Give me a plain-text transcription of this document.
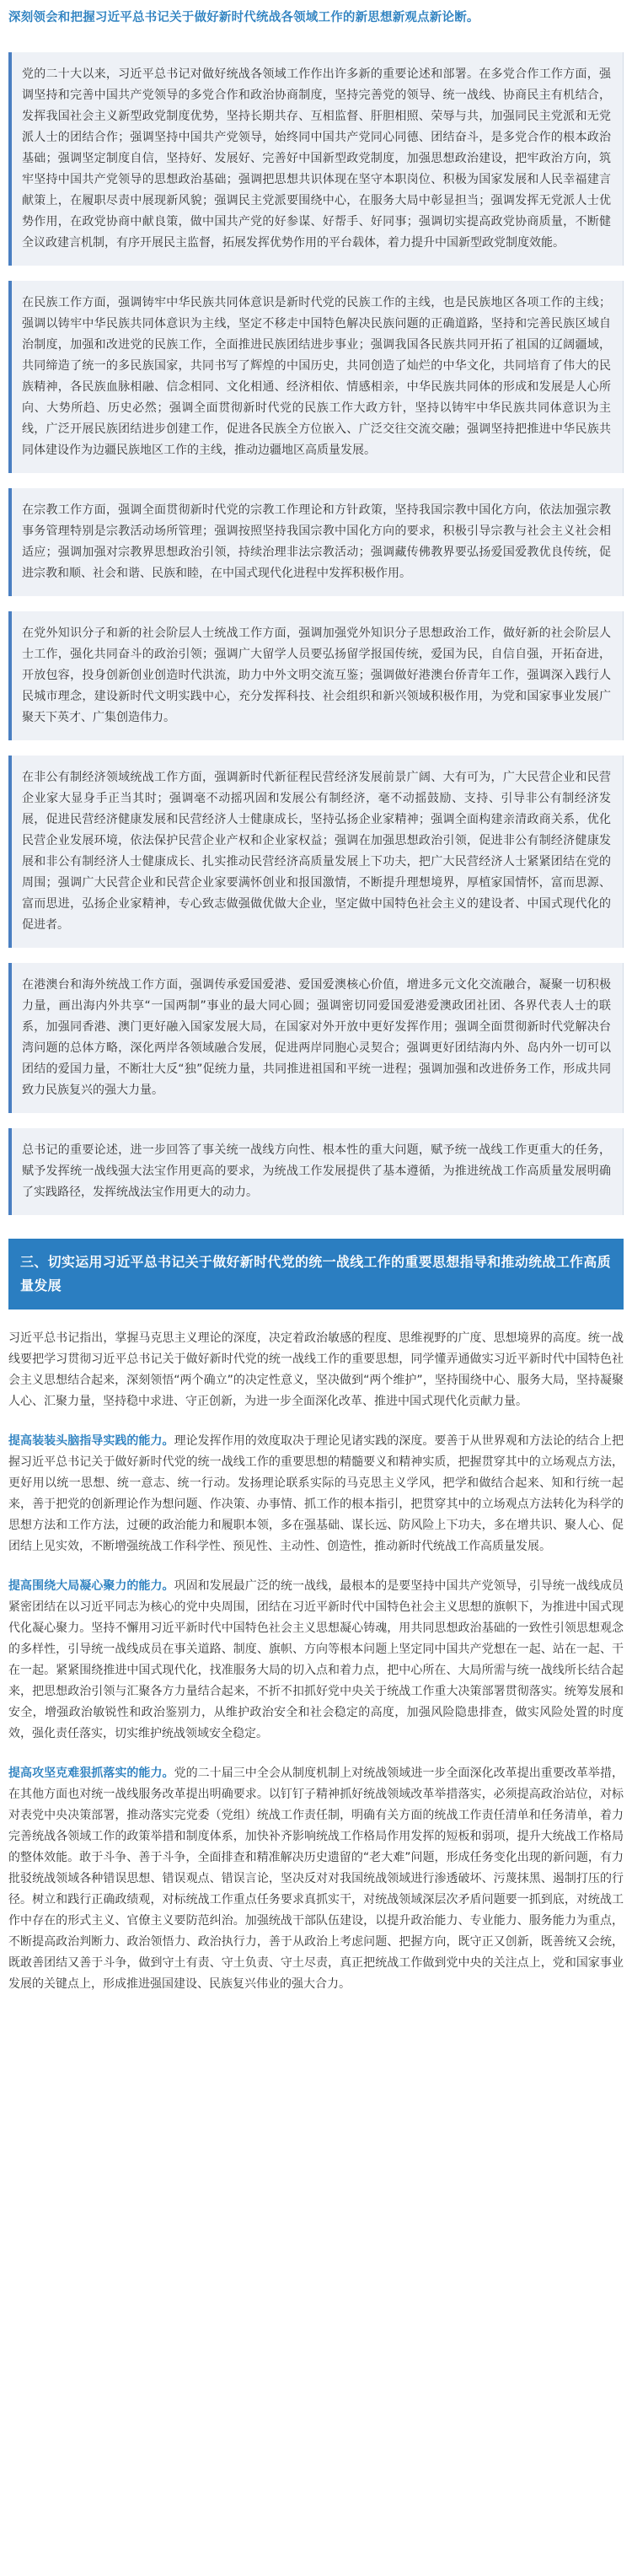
深刻领会和把握习近平总书记关于做好新时代统战各领域工作的新思想新观点新论断。

党的二十大以来，习近平总书记对做好统战各领域工作作出许多新的重要论述和部署。在多党合作工作方面，强调坚持和完善中国共产党领导的多党合作和政治协商制度，坚持完善党的领导、统一战线、协商民主有机结合，发挥我国社会主义新型政党制度优势，坚持长期共存、互相监督、肝胆相照、荣辱与共，加强同民主党派和无党派人士的团结合作；强调坚持中国共产党领导，始终同中国共产党同心同德、团结奋斗，是多党合作的根本政治基础；强调坚定制度自信，坚持好、发展好、完善好中国新型政党制度，加强思想政治建设，把牢政治方向，筑牢坚持中国共产党领导的思想政治基础；强调把思想共识体现在坚守本职岗位、积极为国家发展和人民幸福建言献策上，在履职尽责中展现新风貌；强调民主党派要围绕中心，在服务大局中彰显担当；强调发挥无党派人士优势作用，在政党协商中献良策，做中国共产党的好参谋、好帮手、好同事；强调切实提高政党协商质量，不断健全议政建言机制，有序开展民主监督，拓展发挥优势作用的平台载体，着力提升中国新型政党制度效能。

在民族工作方面，强调铸牢中华民族共同体意识是新时代党的民族工作的主线，也是民族地区各项工作的主线；强调以铸牢中华民族共同体意识为主线，坚定不移走中国特色解决民族问题的正确道路，坚持和完善民族区域自治制度，加强和改进党的民族工作，全面推进民族团结进步事业；强调我国各民族共同开拓了祖国的辽阔疆域，共同缔造了统一的多民族国家，共同书写了辉煌的中国历史，共同创造了灿烂的中华文化，共同培育了伟大的民族精神，各民族血脉相融、信念相同、文化相通、经济相依、情感相亲，中华民族共同体的形成和发展是人心所向、大势所趋、历史必然；强调全面贯彻新时代党的民族工作大政方针，坚持以铸牢中华民族共同体意识为主线，广泛开展民族团结进步创建工作，促进各民族全方位嵌入、广泛交往交流交融；强调坚持把推进中华民族共同体建设作为边疆民族地区工作的主线，推动边疆地区高质量发展。

在宗教工作方面，强调全面贯彻新时代党的宗教工作理论和方针政策，坚持我国宗教中国化方向，依法加强宗教事务管理特别是宗教活动场所管理；强调按照坚持我国宗教中国化方向的要求，积极引导宗教与社会主义社会相适应；强调加强对宗教界思想政治引领，持续治理非法宗教活动；强调藏传佛教界要弘扬爱国爱教优良传统，促进宗教和顺、社会和谐、民族和睦，在中国式现代化进程中发挥积极作用。

在党外知识分子和新的社会阶层人士统战工作方面，强调加强党外知识分子思想政治工作，做好新的社会阶层人士工作，强化共同奋斗的政治引领；强调广大留学人员要弘扬留学报国传统，爱国为民，自信自强，开拓奋进，开放包容，投身创新创业创造时代洪流，助力中外文明交流互鉴；强调做好港澳台侨青年工作，强调深入践行人民城市理念，建设新时代文明实践中心，充分发挥科技、社会组织和新兴领域积极作用，为党和国家事业发展广聚天下英才、广集创造伟力。

在非公有制经济领域统战工作方面，强调新时代新征程民营经济发展前景广阔、大有可为，广大民营企业和民营企业家大显身手正当其时；强调毫不动摇巩固和发展公有制经济，毫不动摇鼓励、支持、引导非公有制经济发展，促进民营经济健康发展和民营经济人士健康成长，坚持弘扬企业家精神；强调全面构建亲清政商关系，优化民营企业发展环境，依法保护民营企业产权和企业家权益；强调在加强思想政治引领，促进非公有制经济健康发展和非公有制经济人士健康成长、扎实推动民营经济高质量发展上下功夫，把广大民营经济人士紧紧团结在党的周围；强调广大民营企业和民营企业家要满怀创业和报国激情，不断提升理想境界，厚植家国情怀，富而思源、富而思进，弘扬企业家精神，专心致志做强做优做大企业，坚定做中国特色社会主义的建设者、中国式现代化的促进者。

在港澳台和海外统战工作方面，强调传承爱国爱港、爱国爱澳核心价值，增进多元文化交流融合，凝聚一切积极力量，画出海内外共享“一国两制”事业的最大同心圆；强调密切同爱国爱港爱澳政团社团、各界代表人士的联系，加强同香港、澳门更好融入国家发展大局，在国家对外开放中更好发挥作用；强调全面贯彻新时代党解决台湾问题的总体方略，深化两岸各领域融合发展，促进两岸同胞心灵契合；强调更好团结海内外、岛内外一切可以团结的爱国力量，不断壮大反“独”促统力量，共同推进祖国和平统一进程；强调加强和改进侨务工作，形成共同致力民族复兴的强大力量。

总书记的重要论述，进一步回答了事关统一战线方向性、根本性的重大问题，赋予统一战线工作更重大的任务，赋予发挥统一战线强大法宝作用更高的要求，为统战工作发展提供了基本遵循，为推进统战工作高质量发展明确了实践路径，发挥统战法宝作用更大的动力。

三、切实运用习近平总书记关于做好新时代党的统一战线工作的重要思想指导和推动统战工作高质量发展

习近平总书记指出，掌握马克思主义理论的深度，决定着政治敏感的程度、思维视野的广度、思想境界的高度。统一战线要把学习贯彻习近平总书记关于做好新时代党的统一战线工作的重要思想，同学懂弄通做实习近平新时代中国特色社会主义思想结合起来，深刻领悟“两个确立”的决定性意义，坚决做到“两个维护”，坚持围绕中心、服务大局，坚持凝聚人心、汇聚力量，坚持稳中求进、守正创新，为进一步全面深化改革、推进中国式现代化贡献力量。

提高装装头脑指导实践的能力。理论发挥作用的效度取决于理论见诸实践的深度。要善于从世界观和方法论的结合上把握习近平总书记关于做好新时代党的统一战线工作的重要思想的精髓要义和精神实质，把握贯穿其中的立场观点方法，更好用以统一思想、统一意志、统一行动。发扬理论联系实际的马克思主义学风，把学和做结合起来、知和行统一起来，善于把党的创新理论作为想问题、作决策、办事情、抓工作的根本指引，把贯穿其中的立场观点方法转化为科学的思想方法和工作方法，过硬的政治能力和履职本领，多在强基础、谋长远、防风险上下功夫，多在增共识、聚人心、促团结上见实效，不断增强统战工作科学性、预见性、主动性、创造性，推动新时代统战工作高质量发展。

提高围绕大局凝心聚力的能力。巩固和发展最广泛的统一战线，最根本的是要坚持中国共产党领导，引导统一战线成员紧密团结在以习近平同志为核心的党中央周围，团结在习近平新时代中国特色社会主义思想的旗帜下，为推进中国式现代化凝心聚力。坚持不懈用习近平新时代中国特色社会主义思想凝心铸魂，用共同思想政治基础的一致性引领思想观念的多样性，引导统一战线成员在事关道路、制度、旗帜、方向等根本问题上坚定同中国共产党想在一起、站在一起、干在一起。紧紧围绕推进中国式现代化，找准服务大局的切入点和着力点，把中心所在、大局所需与统一战线所长结合起来，把思想政治引领与汇聚各方力量结合起来，不折不扣抓好党中央关于统战工作重大决策部署贯彻落实。统筹发展和安全，增强政治敏锐性和政治鉴别力，从维护政治安全和社会稳定的高度，加强风险隐患排查，做实风险处置的时度效，强化责任落实，切实维护统战领域安全稳定。

提高攻坚克难狠抓落实的能力。党的二十届三中全会从制度机制上对统战领域进一步全面深化改革提出重要改革举措，在其他方面也对统一战线服务改革提出明确要求。以钉钉子精神抓好统战领域改革举措落实，必须提高政治站位，对标对表党中央决策部署，推动落实完党委（党组）统战工作责任制，明确有关方面的统战工作责任清单和任务清单，着力完善统战各领域工作的政策举措和制度体系，加快补齐影响统战工作格局作用发挥的短板和弱项，提升大统战工作格局的整体效能。敢于斗争、善于斗争，全面排查和精准解决历史遗留的“老大难”问题，形成任务变化出现的新问题，有力批驳统战领域各种错误思想、错误观点、错误言论，坚决反对对我国统战领域进行渗透破坏、污蔑抹黑、遏制打压的行径。树立和践行正确政绩观，对标统战工作重点任务要求真抓实干，对统战领域深层次矛盾问题要一抓到底，对统战工作中存在的形式主义、官僚主义要防范纠治。加强统战干部队伍建设，以提升政治能力、专业能力、服务能力为重点，不断提高政治判断力、政治领悟力、政治执行力，善于从政治上考虑问题、把握方向，既守正又创新，既善统又会统，既敢善团结又善于斗争，做到守土有责、守土负责、守土尽责，真正把统战工作做到党中央的关注点上，党和国家事业发展的关键点上，形成推进强国建设、民族复兴伟业的强大合力。
